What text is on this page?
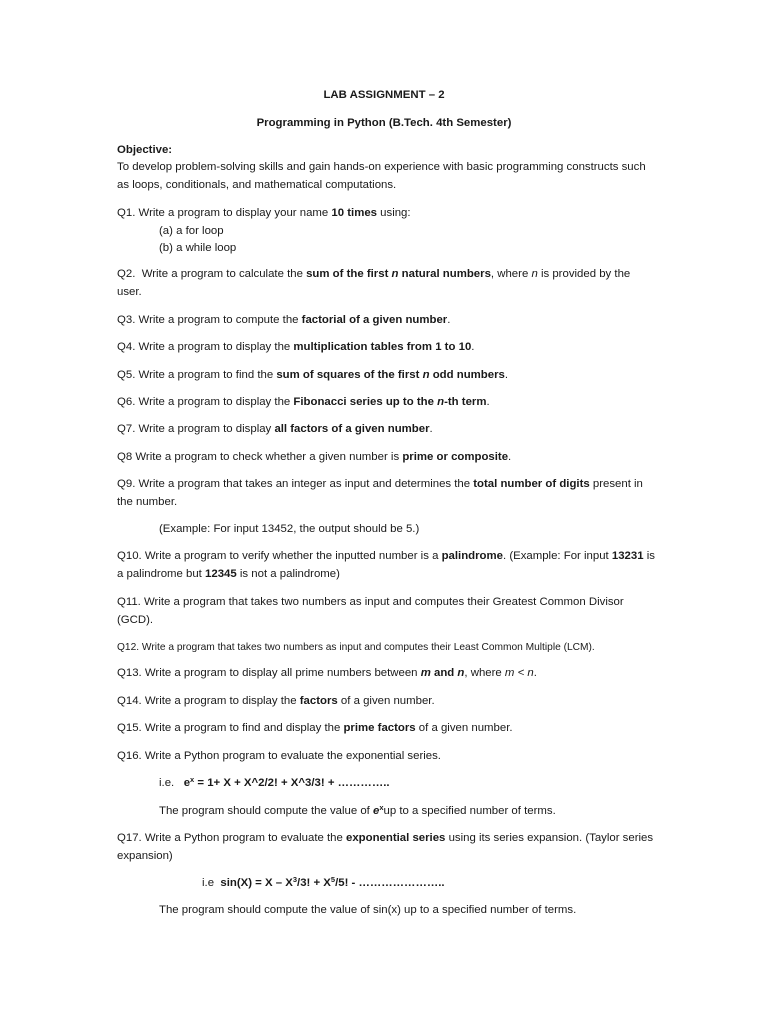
LAB ASSIGNMENT – 2

Programming in Python (B.Tech. 4th Semester)

Objective:

To develop problem-solving skills and gain hands-on experience with basic programming constructs such as loops, conditionals, and mathematical computations.

Q1. Write a program to display your name 10 times using:
(a) a for loop
(b) a while loop

Q2.  Write a program to calculate the sum of the first n natural numbers, where n is provided by the user.

Q3. Write a program to compute the factorial of a given number.

Q4. Write a program to display the multiplication tables from 1 to 10.

Q5. Write a program to find the sum of squares of the first n odd numbers.

Q6. Write a program to display the Fibonacci series up to the n-th term.

Q7. Write a program to display all factors of a given number.

Q8 Write a program to check whether a given number is prime or composite.

Q9. Write a program that takes an integer as input and determines the total number of digits present in the number.

(Example: For input 13452, the output should be 5.)

Q10. Write a program to verify whether the inputted number is a palindrome. (Example: For input 13231 is a palindrome but 12345 is not a palindrome)

Q11. Write a program that takes two numbers as input and computes their Greatest Common Divisor (GCD).

Q12. Write a program that takes two numbers as input and computes their Least Common Multiple (LCM).

Q13. Write a program to display all prime numbers between m and n, where m < n.

Q14. Write a program to display the factors of a given number.

Q15. Write a program to find and display the prime factors of a given number.

Q16. Write a Python program to evaluate the exponential series.

i.e.   $e^x = 1+ X$ + X^2/2! + X^3/3! + …………..

The program should compute the value of $e^xup$ to a specified number of terms.

Q17. Write a Python program to evaluate the exponential series using its series expansion. (Taylor series expansion)

i.e  $\sin(X) = X - X^3/3$! + $X^5/5$! - …………………..

The program should compute the value of sin(x) up to a specified number of terms.
